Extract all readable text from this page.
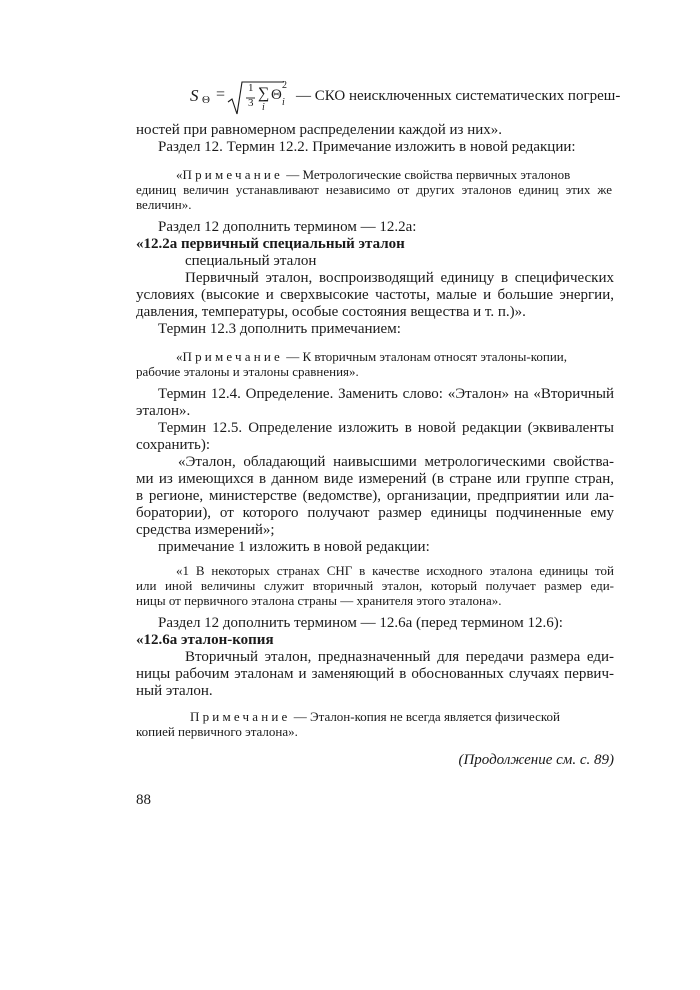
S Θ = 1
3
∑
i
Θ
2
i — СКО неисключенных систематических погреш-
ностей при равномерном распределении каждой из них».
Раздел 12. Термин 12.2. Примечание изложить в новой редакции:
«Примечание — Метрологические свойства первичных эталонов
единиц величин устанавливают независимо от других эталонов единиц этих же
величин».
Раздел 12 дополнить термином — 12.2а:
«12.2а первичный специальный эталон
специальный эталон
Первичный эталон, воспроизводящий единицу в специфических
условиях (высокие и сверхвысокие частоты, малые и большие энергии,
давления, температуры, особые состояния вещества и т. п.)».
Термин 12.3 дополнить примечанием:
«Примечание — К вторичным эталонам относят эталоны-копии,
рабочие эталоны и эталоны сравнения».
Термин 12.4. Определение. Заменить слово: «Эталон» на «Вторичный
эталон».
Термин 12.5. Определение изложить в новой редакции (эквиваленты
сохранить):
«Эталон, обладающий наивысшими метрологическими свойства-
ми из имеющихся в данном виде измерений (в стране или группе стран,
в регионе, министерстве (ведомстве), организации, предприятии или ла-
боратории), от которого получают размер единицы подчиненные ему
средства измерений»;
примечание 1 изложить в новой редакции:
«1 В некоторых странах СНГ в качестве исходного эталона единицы той
или иной величины служит вторичный эталон, который получает размер еди-
ницы от первичного эталона страны — хранителя этого эталона».
Раздел 12 дополнить термином — 12.6а (перед термином 12.6):
«12.6а эталон-копия
Вторичный эталон, предназначенный для передачи размера еди-
ницы рабочим эталонам и заменяющий в обоснованных случаях первич-
ный эталон.
Примечание — Эталон-копия не всегда является физической
копией первичного эталона».
(Продолжение см. с. 89)
88
